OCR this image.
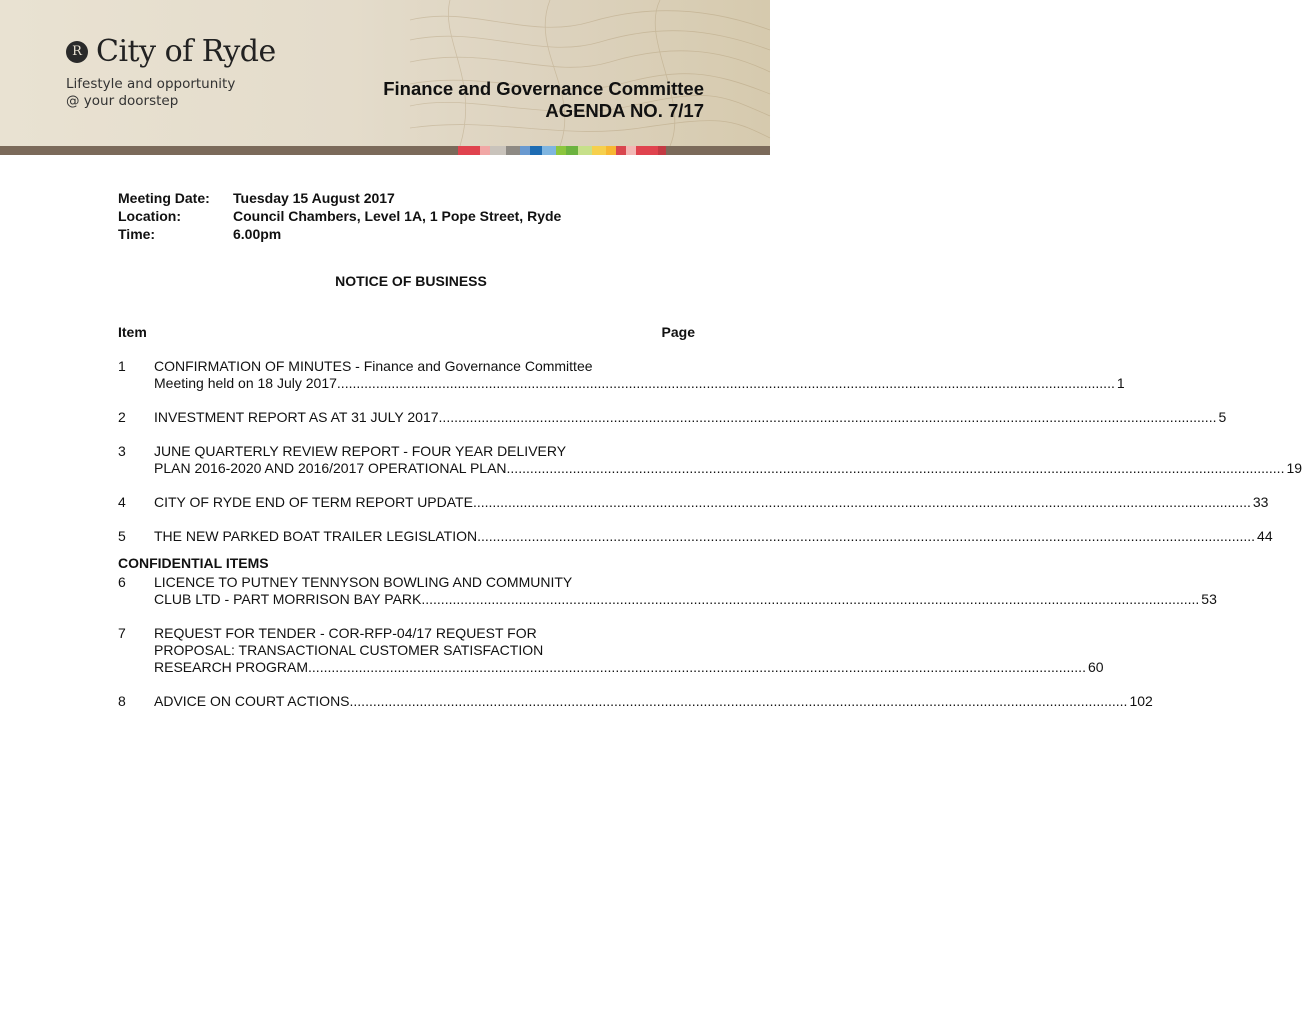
R City of Ryde
Lifestyle and opportunity
@ your doorstep
Finance and Governance Committee
AGENDA NO. 7/17
Meeting Date:	Tuesday 15 August 2017
Location:	Council Chambers, Level 1A, 1 Pope Street, Ryde
Time:	6.00pm
NOTICE OF BUSINESS
Item	Page
1	CONFIRMATION OF MINUTES - Finance and Governance Committee
Meeting held on 18 July 2017 .....	1
2	INVESTMENT REPORT AS AT 31 JULY 2017 .....	5
3	JUNE QUARTERLY REVIEW REPORT - FOUR YEAR DELIVERY
PLAN 2016-2020 AND 2016/2017 OPERATIONAL PLAN .....	19
4	CITY OF RYDE END OF TERM REPORT UPDATE .....	33
5	THE NEW PARKED BOAT TRAILER LEGISLATION .....	44
CONFIDENTIAL ITEMS
6	LICENCE TO PUTNEY TENNYSON BOWLING AND COMMUNITY
CLUB LTD - PART MORRISON BAY PARK .....	53
7	REQUEST FOR TENDER - COR-RFP-04/17 REQUEST FOR
PROPOSAL: TRANSACTIONAL CUSTOMER SATISFACTION
RESEARCH PROGRAM .....	60
8	ADVICE ON COURT ACTIONS .....	102
